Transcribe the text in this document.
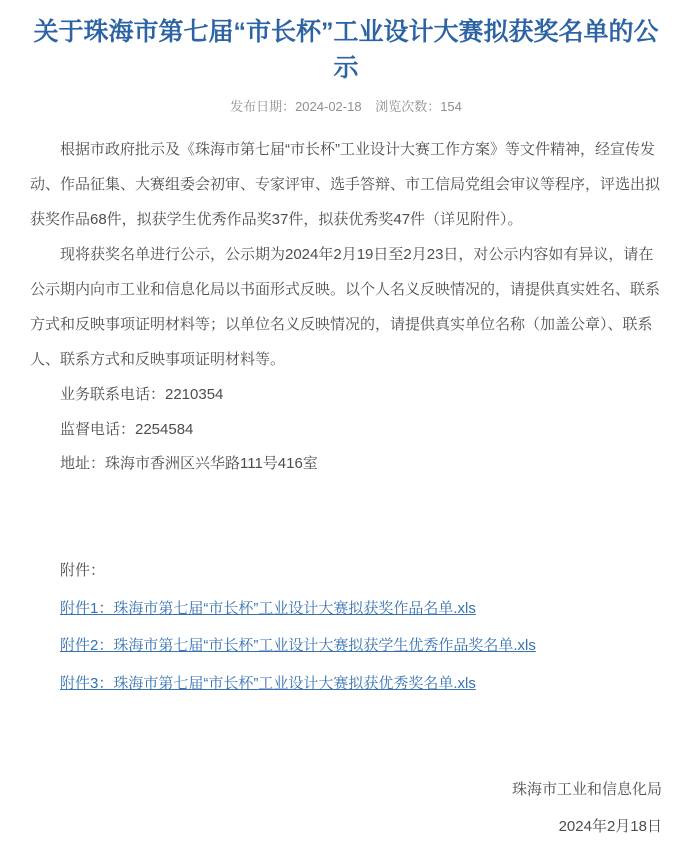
关于珠海市第七届“市长杯”工业设计大赛拟获奖名单的公示
发布日期：2024-02-18 浏览次数：154

根据市政府批示及《珠海市第七届“市长杯”工业设计大赛工作方案》等文件精神，经宣传发动、作品征集、大赛组委会初审、专家评审、选手答辩、市工信局党组会审议等程序，评选出拟获奖作品68件，拟获学生优秀作品奖37件，拟获优秀奖47件（详见附件）。

现将获奖名单进行公示，公示期为2024年2月19日至2月23日，对公示内容如有异议，请在公示期内向市工业和信息化局以书面形式反映。以个人名义反映情况的，请提供真实姓名、联系方式和反映事项证明材料等；以单位名义反映情况的，请提供真实单位名称（加盖公章）、联系人、联系方式和反映事项证明材料等。

业务联系电话：2210354

监督电话：2254584

地址：珠海市香洲区兴华路111号416室

附件：

附件1：珠海市第七届“市长杯”工业设计大赛拟获奖作品名单.xls

附件2：珠海市第七届“市长杯”工业设计大赛拟获学生优秀作品奖名单.xls

附件3：珠海市第七届“市长杯”工业设计大赛拟获优秀奖名单.xls

珠海市工业和信息化局
2024年2月18日
